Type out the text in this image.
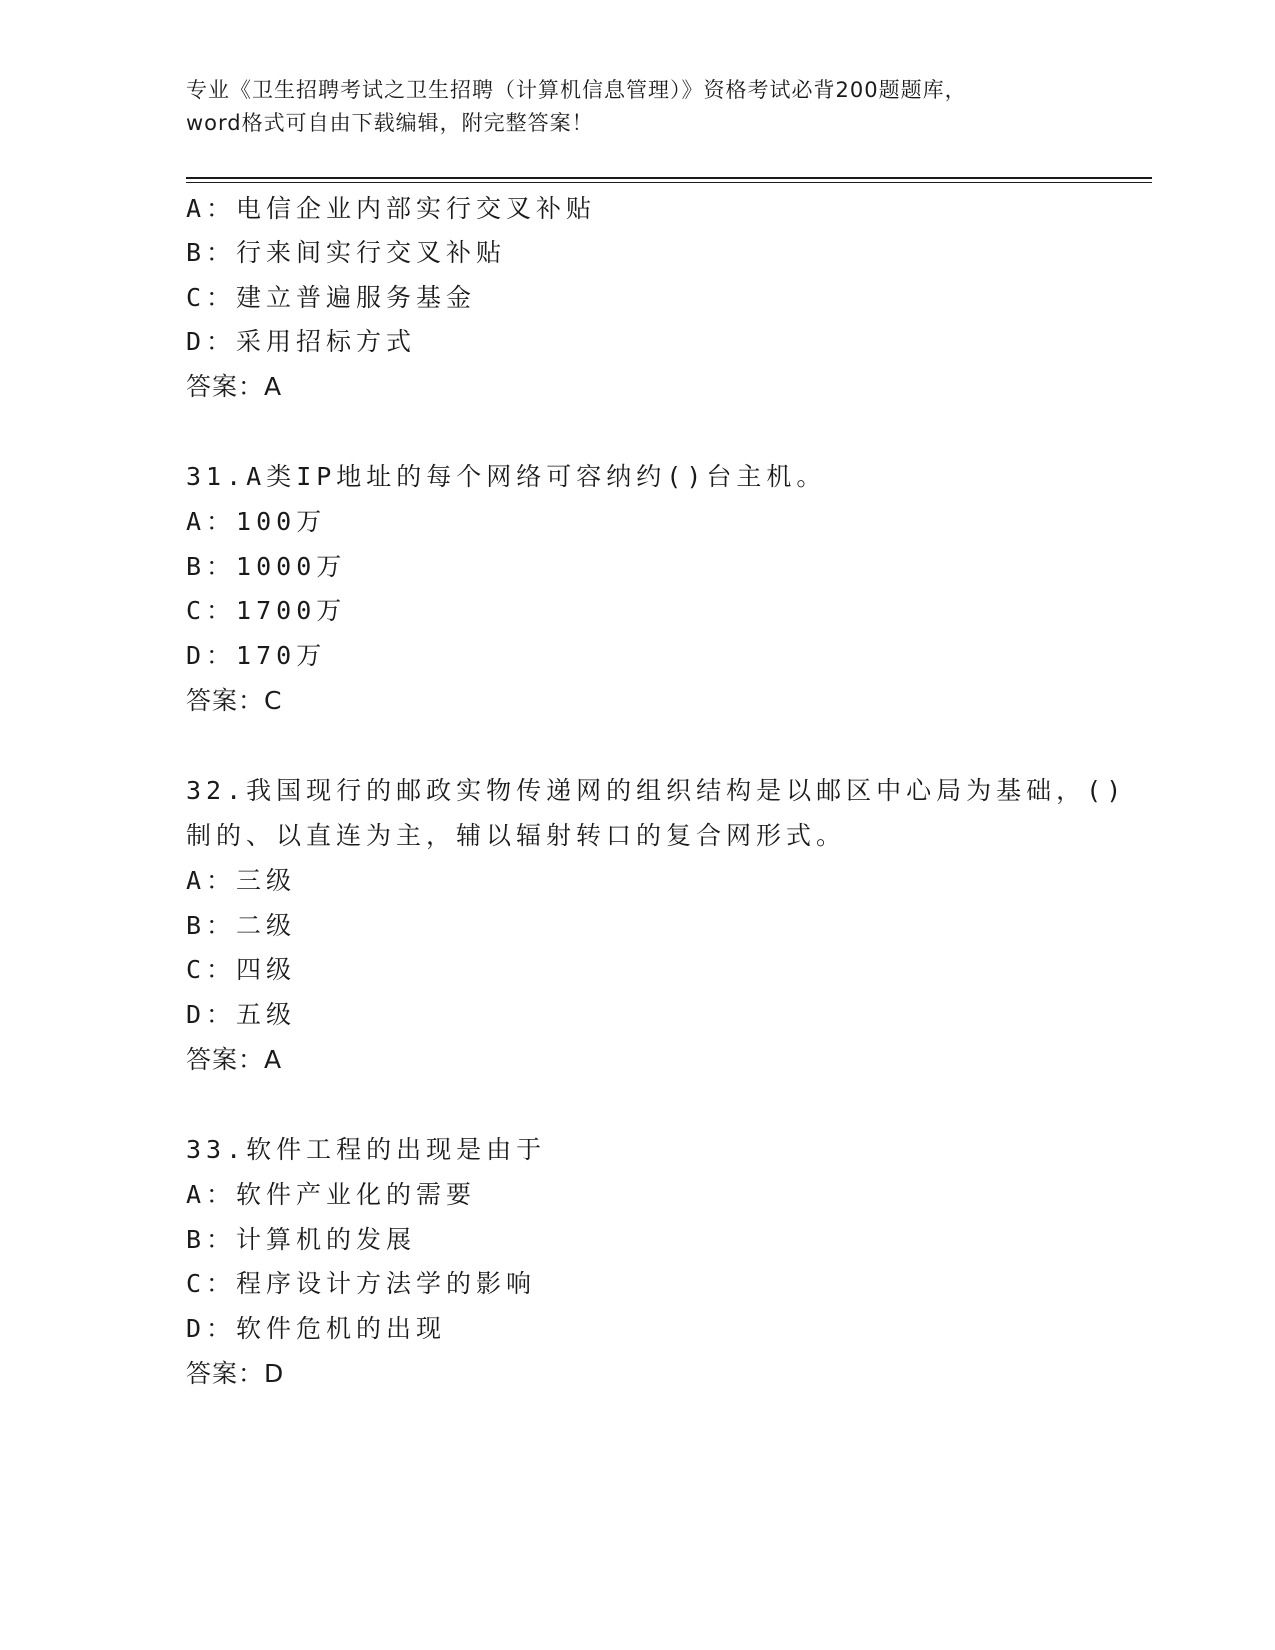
专业《卫生招聘考试之卫生招聘（计算机信息管理）》资格考试必背200题题库，
word格式可自由下载编辑，附完整答案！
A：电信企业内部实行交叉补贴
B：行来间实行交叉补贴
C：建立普遍服务基金
D：采用招标方式
答案：A
31.A类IP地址的每个网络可容纳约()台主机。
A：100万
B：1000万
C：1700万
D：170万
答案：C
32.我国现行的邮政实物传递网的组织结构是以邮区中心局为基础，()
制的、以直连为主，辅以辐射转口的复合网形式。
A：三级
B：二级
C：四级
D：五级
答案：A
33.软件工程的出现是由于
A：软件产业化的需要
B：计算机的发展
C：程序设计方法学的影响
D：软件危机的出现
答案：D
